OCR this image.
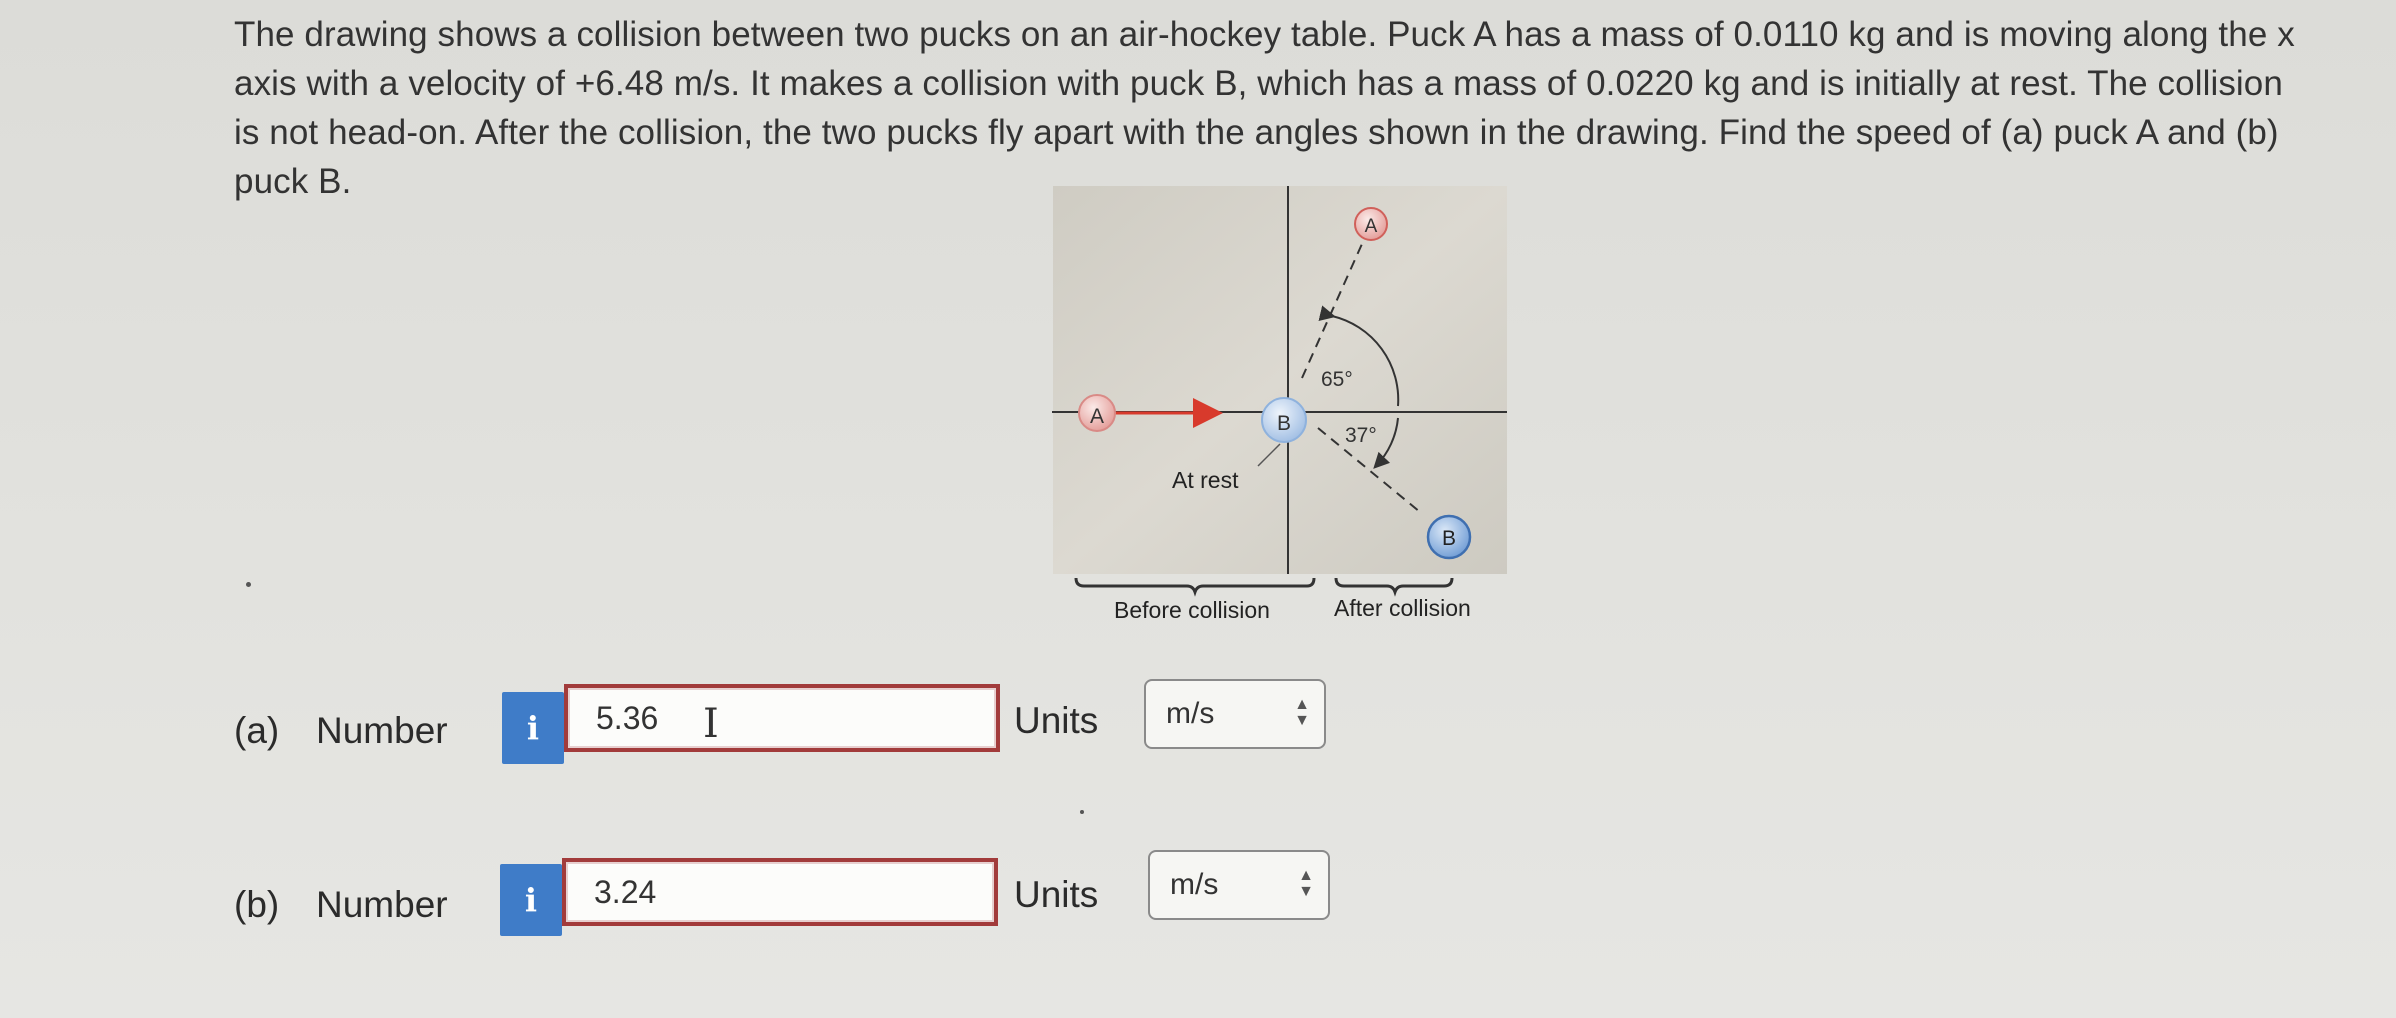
The drawing shows a collision between two pucks on an air-hockey table. Puck A has a mass of 0.0110 kg and is moving along the x axis with a velocity of +6.48 m/s. It makes a collision with puck B, which has a mass of 0.0220 kg and is initially at rest. The collision is not head-on. After the collision, the two pucks fly apart with the angles shown in the drawing. Find the speed of (a) puck A and (b) puck B.
A	B
A
B
65°
37°
At rest
Before collision	After collision
(a) Number i 5.36 I	Units m/s	▲
▼
(b) Number i 3.24	Units m/s	▲
▼
